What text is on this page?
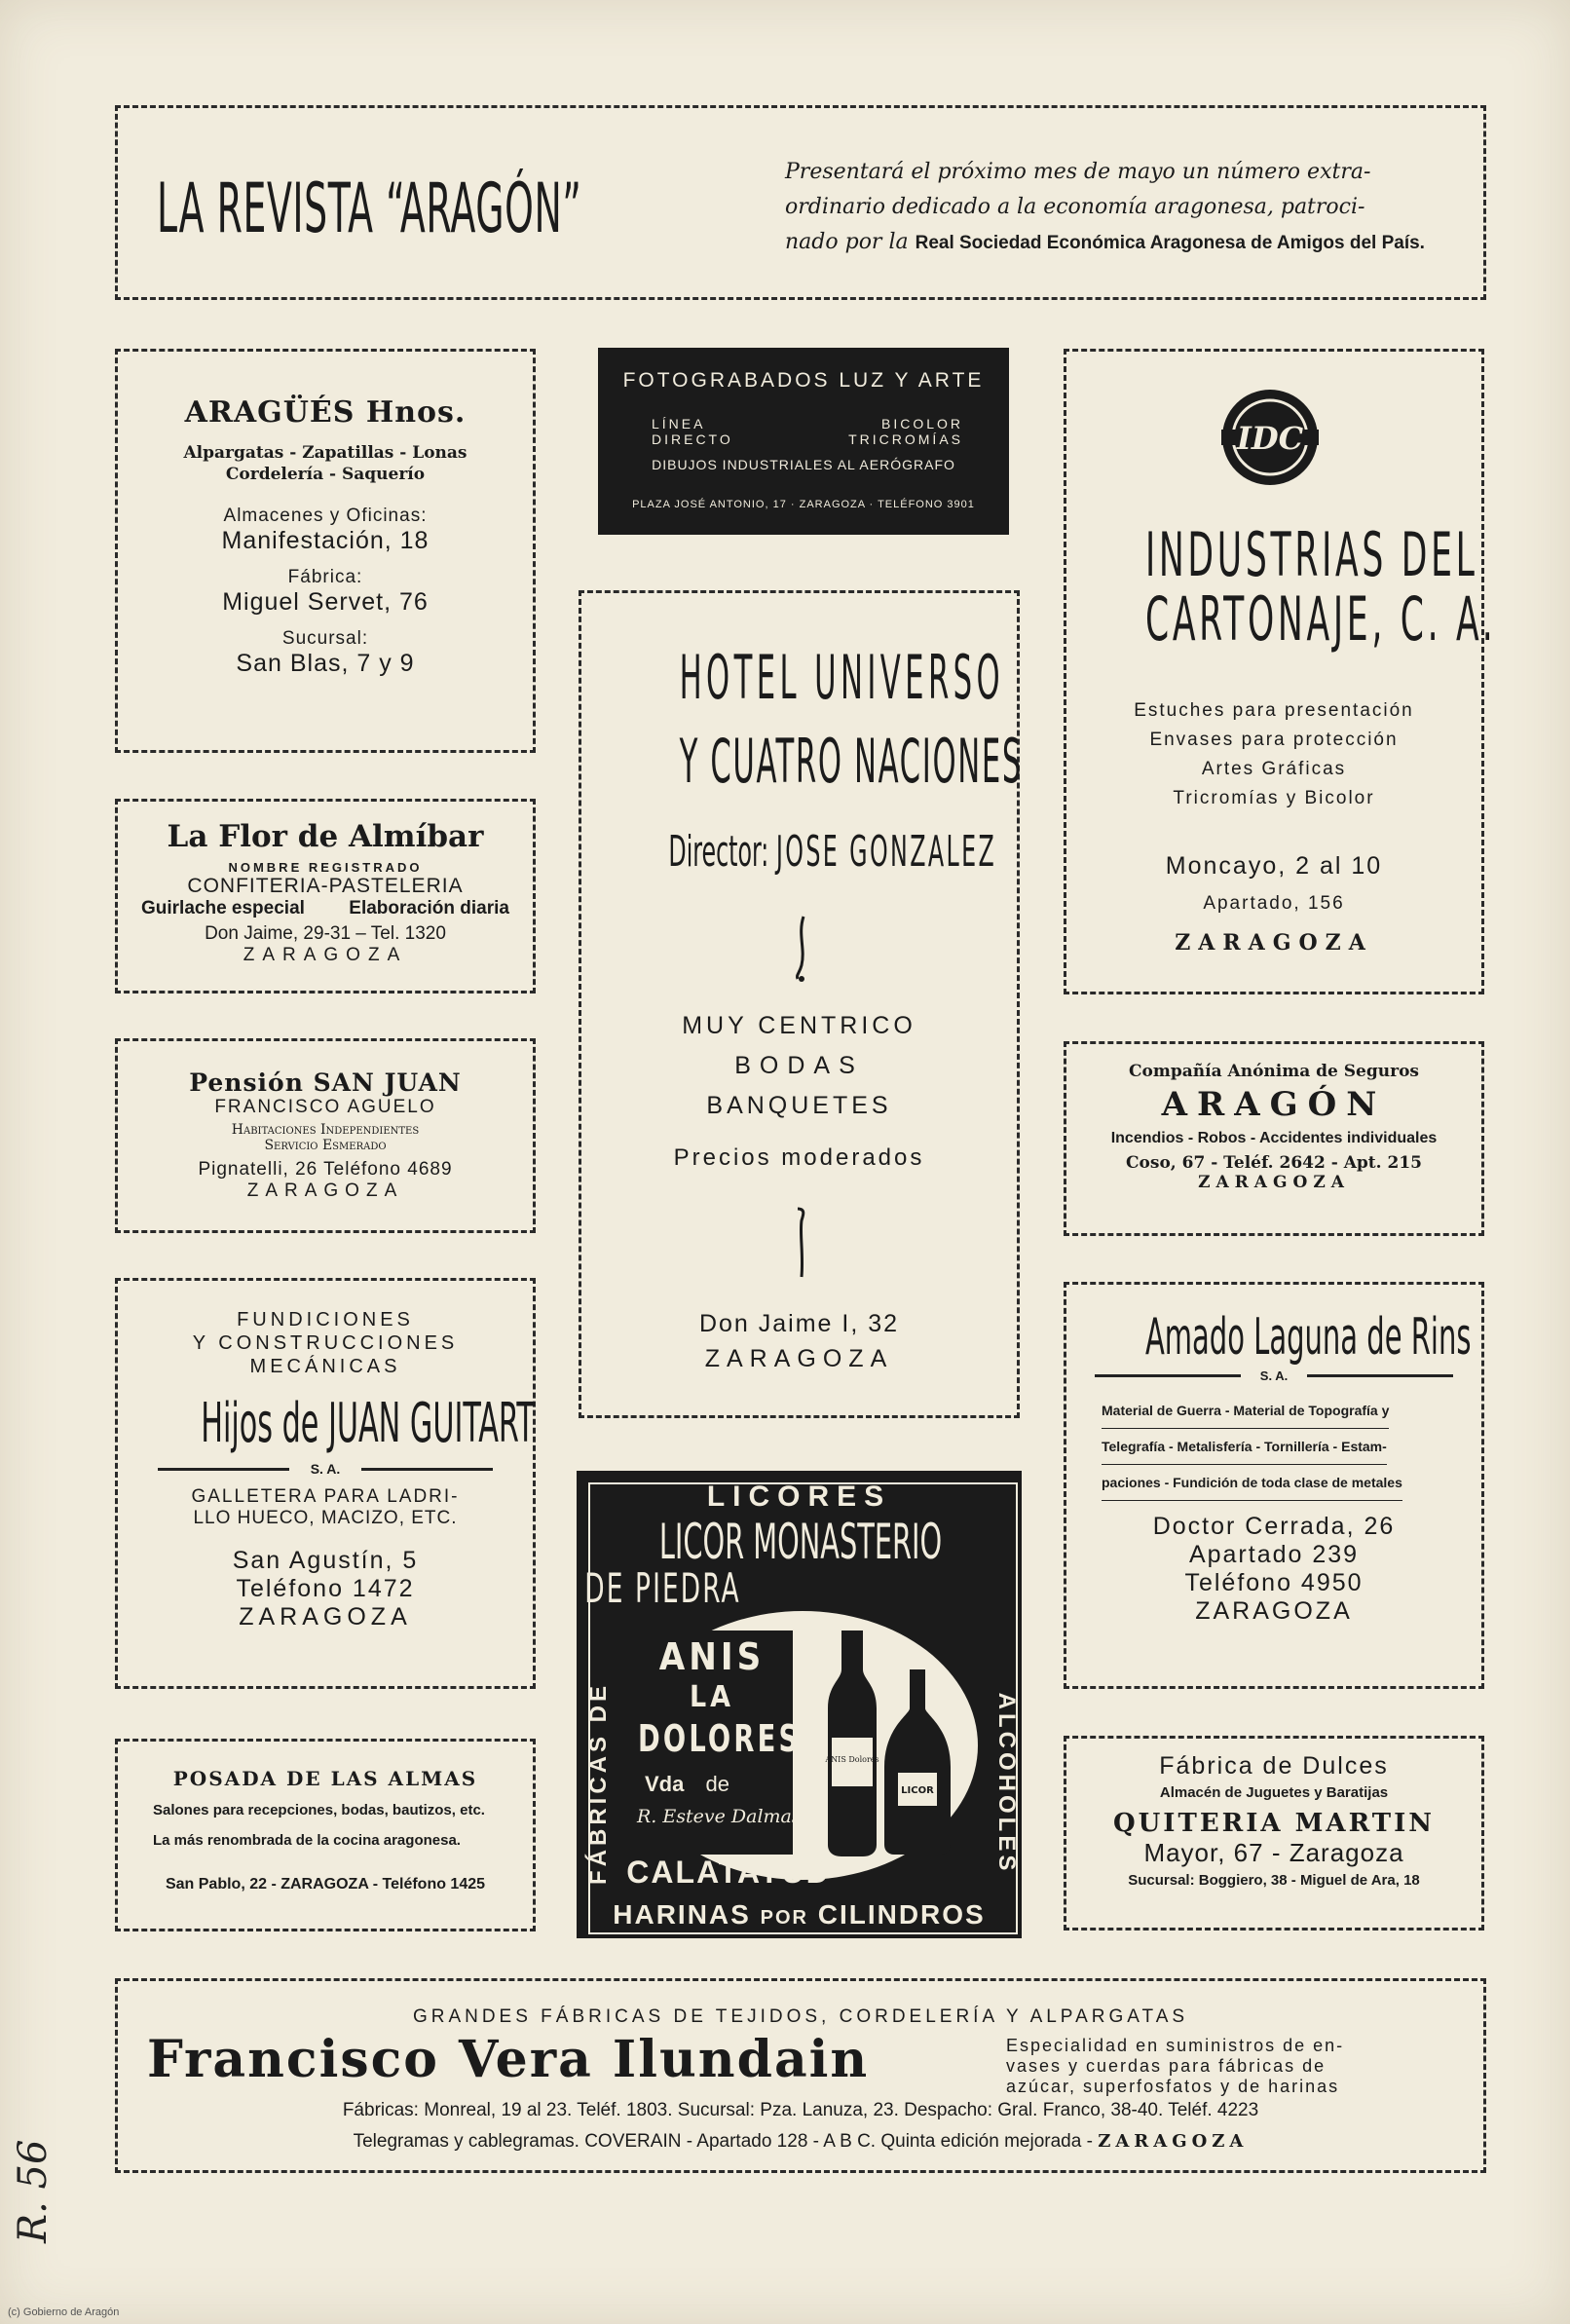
LA REVISTA “ARAGÓN”	Presentará el próximo mes de mayo un número extra-
ordinario dedicado a la economía aragonesa, patroci-
nado por la Real Sociedad Económica Aragonesa de Amigos del País.
ARAGÜÉS Hnos.
Alpargatas - Zapatillas - Lonas
Cordelería - Saquerío
Almacenes y Oficinas:
Manifestación, 18
Fábrica:
Miguel Servet, 76
Sucursal:
San Blas, 7 y 9
FOTOGRABADOS LUZ Y ARTE
LÍNEA	BICOLOR
DIRECTO	TRICROMÍAS
DIBUJOS INDUSTRIALES AL AERÓGRAFO
PLAZA JOSÉ ANTONIO, 17 · ZARAGOZA · TELÉFONO 3901
IDC
INDUSTRIAS DEL
CARTONAJE, C. A.
Estuches para presentación
Envases para protección
Artes Gráficas
Tricromías y Bicolor
Moncayo, 2 al 10
Apartado, 156
ZARAGOZA
La Flor de Almíbar
NOMBRE REGISTRADO
CONFITERIA-PASTELERIA
Guirlache especial Elaboración diaria
Don Jaime, 29-31 – Tel. 1320
ZARAGOZA
HOTEL UNIVERSO
Y CUATRO NACIONES
Director: JOSE GONZALEZ
MUY CENTRICO
BODAS
BANQUETES
Precios moderados
Don Jaime I, 32
ZARAGOZA
Pensión SAN JUAN
FRANCISCO AGUELO
Habitaciones Independientes
Servicio Esmerado
Pignatelli, 26 Teléfono 4689
ZARAGOZA
Compañía Anónima de Seguros
ARAGÓN
Incendios - Robos - Accidentes individuales
Coso, 67 - Teléf. 2642 - Apt. 215
ZARAGOZA
FUNDICIONES
Y CONSTRUCCIONES
MECÁNICAS
Hijos de JUAN GUITART
S. A.
GALLETERA PARA LADRI-
LLO HUECO, MACIZO, ETC.
San Agustín, 5
Teléfono 1472
ZARAGOZA
Amado Laguna de Rins
S. A.
Material de Guerra - Material de Topografía y Telegrafía - Metalisfería - Tornillería - Estam- paciones - Fundición de toda clase de metales
Doctor Cerrada, 26
Apartado 239
Teléfono 4950
ZARAGOZA
LICORES
LICOR MONASTERIO
DE PIEDRA
FÁBRICAS DE	ALCOHOLES
ANIS
LA
DOLORES
Vda de
R. Esteve Dalmases
ANIS Dolores
LICOR
CALATAYUD
HARINAS POR CILINDROS
POSADA DE LAS ALMAS
Salones para recepciones, bodas, bautizos, etc.
La más renombrada de la cocina aragonesa.
San Pablo, 22 - ZARAGOZA - Teléfono 1425
Fábrica de Dulces
Almacén de Juguetes y Baratijas
QUITERIA MARTIN
Mayor, 67 - Zaragoza
Sucursal: Boggiero, 38 - Miguel de Ara, 18
GRANDES FÁBRICAS DE TEJIDOS, CORDELERÍA Y ALPARGATAS
Francisco Vera Ilundain	Especialidad en suministros de en-
vases y cuerdas para fábricas de
azúcar, superfosfatos y de harinas
Fábricas: Monreal, 19 al 23. Teléf. 1803. Sucursal: Pza. Lanuza, 23. Despacho: Gral. Franco, 38-40. Teléf. 4223
Telegramas y cablegramas. COVERAIN - Apartado 128 - A B C. Quinta edición mejorada - ZARAGOZA
R. 56
(c) Gobierno de Aragón
